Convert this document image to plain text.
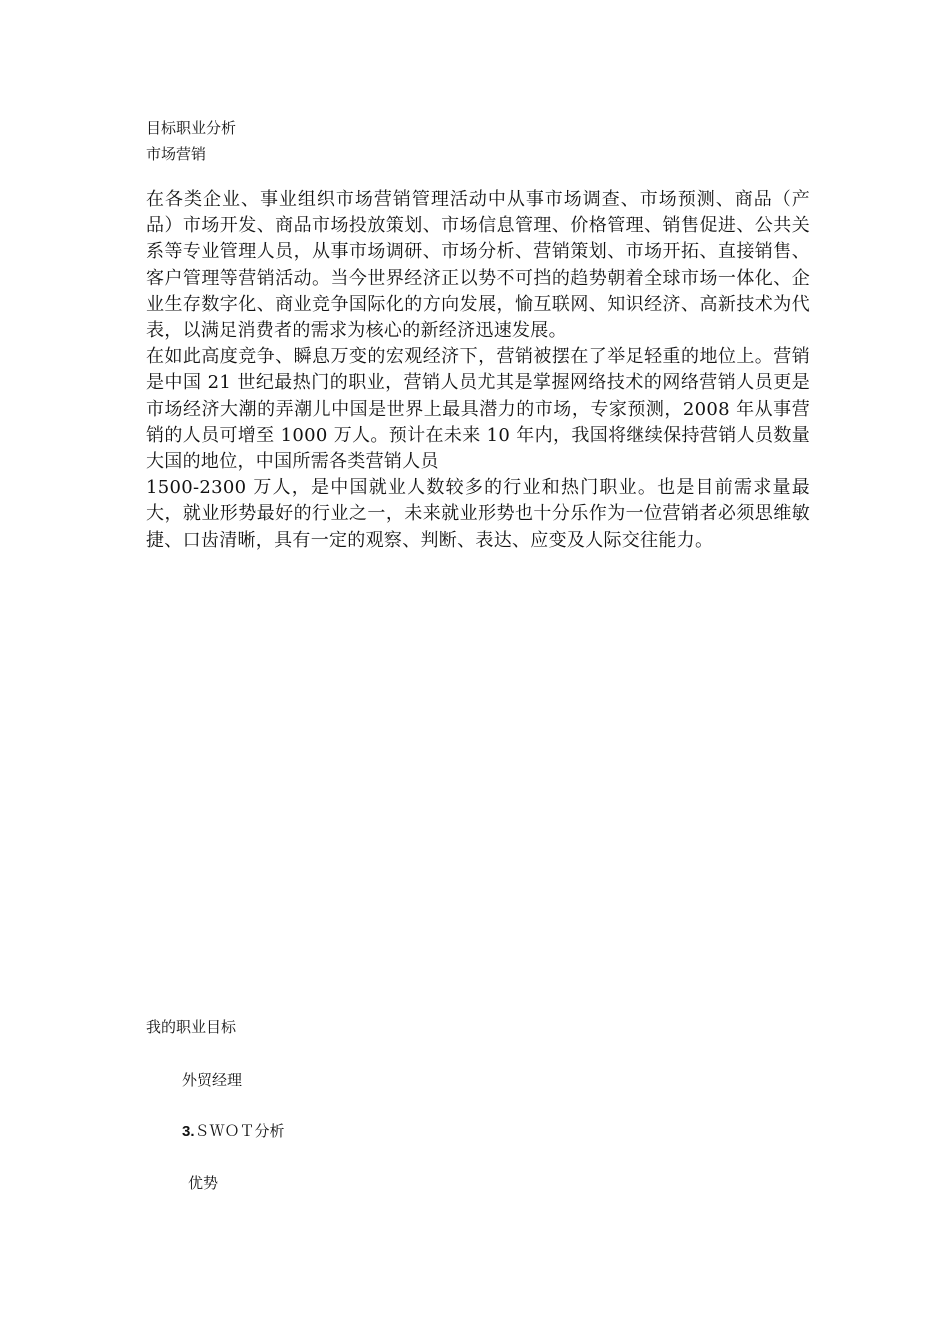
目标职业分析
市场营销
在各类企业、事业组织市场营销管理活动中从事市场调查、市场预测、商品（产品）市场开发、商品市场投放策划、市场信息管理、价格管理、销售促进、公共关系等专业管理人员，从事市场调研、市场分析、营销策划、市场开拓、直接销售、客户管理等营销活动。当今世界经济正以势不可挡的趋势朝着全球市场一体化、企业生存数字化、商业竞争国际化的方向发展，愉互联网、知识经济、高新技术为代表，以满足消费者的需求为核心的新经济迅速发展。
在如此高度竞争、瞬息万变的宏观经济下，营销被摆在了举足轻重的地位上。营销是中国 21 世纪最热门的职业，营销人员尤其是掌握网络技术的网络营销人员更是市场经济大潮的弄潮儿中国是世界上最具潜力的市场，专家预测，2008 年从事营销的人员可增至 1000 万人。预计在未来 10 年内，我国将继续保持营销人员数量大国的地位，中国所需各类营销人员
1500-2300 万人，是中国就业人数较多的行业和热门职业。也是目前需求量最大，就业形势最好的行业之一，未来就业形势也十分乐作为一位营销者必须思维敏捷、口齿清晰，具有一定的观察、判断、表达、应变及人际交往能力。
我的职业目标
外贸经理
3.ＳＷＯＴ分析
优势
